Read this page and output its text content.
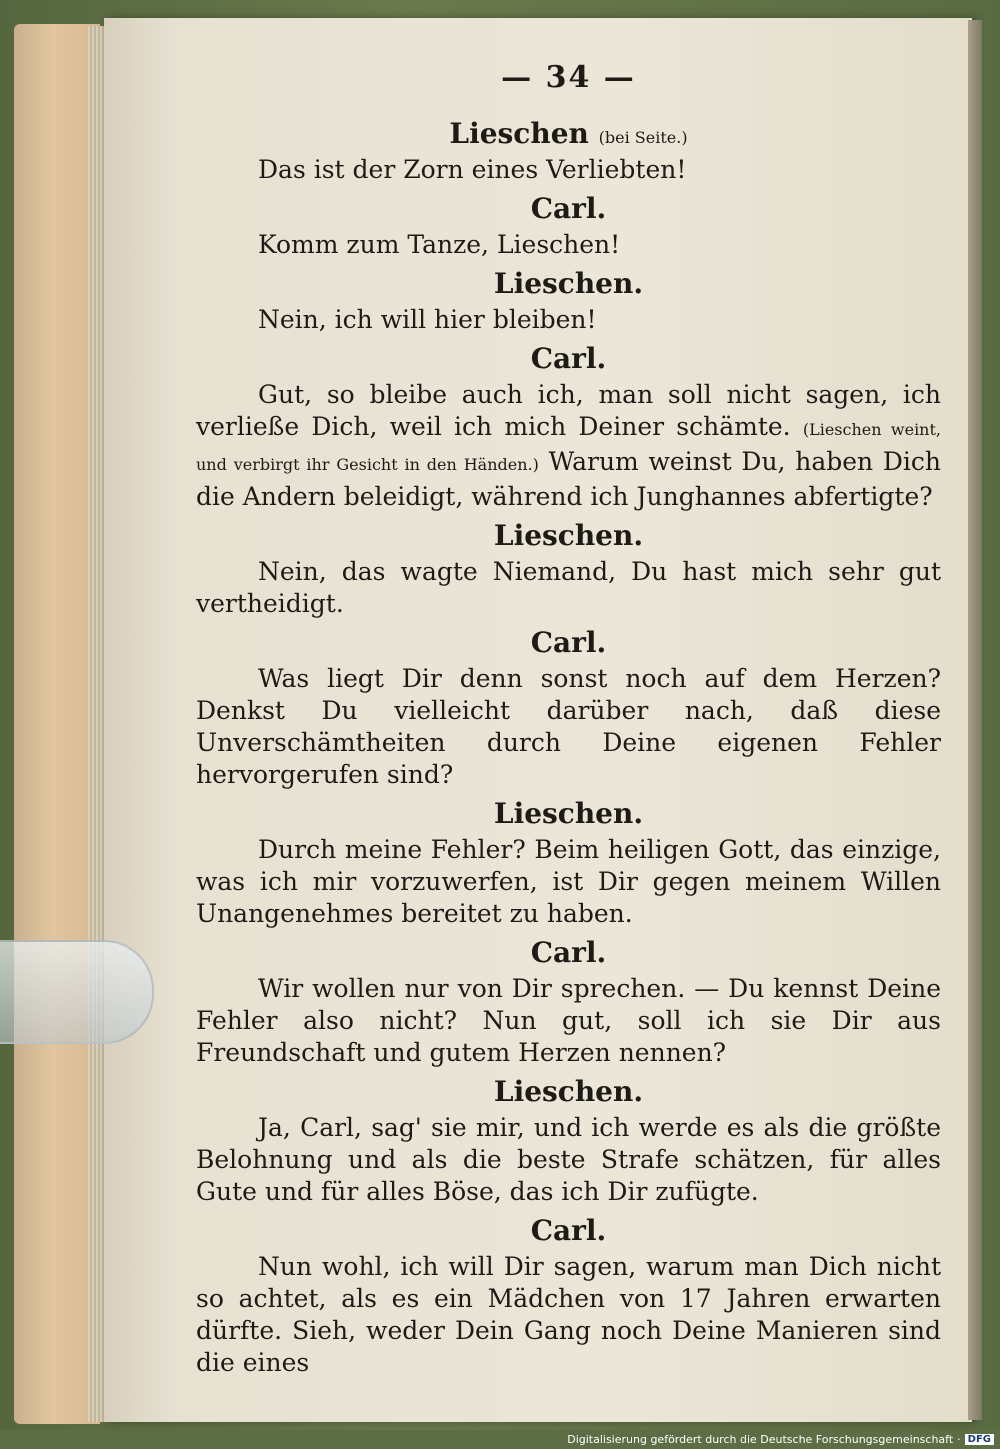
— 34 —
Lieschen (bei Seite.)

Das ist der Zorn eines Verliebten!

Carl.

Komm zum Tanze, Lieschen!

Lieschen.

Nein, ich will hier bleiben!

Carl.

Gut, so bleibe auch ich, man soll nicht sagen, ich verließe Dich, weil ich mich Deiner schämte. (Lieschen weint, und verbirgt ihr Gesicht in den Händen.) Warum weinst Du, haben Dich die Andern beleidigt, während ich Junghannes abfertigte?

Lieschen.

Nein, das wagte Niemand, Du hast mich sehr gut vertheidigt.

Carl.

Was liegt Dir denn sonst noch auf dem Herzen? Denkst Du vielleicht darüber nach, daß diese Unverschämtheiten durch Deine eigenen Fehler hervorgerufen sind?

Lieschen.

Durch meine Fehler? Beim heiligen Gott, das einzige, was ich mir vorzuwerfen, ist Dir gegen meinem Willen Unangenehmes bereitet zu haben.

Carl.

Wir wollen nur von Dir sprechen. — Du kennst Deine Fehler also nicht? Nun gut, soll ich sie Dir aus Freundschaft und gutem Herzen nennen?

Lieschen.

Ja, Carl, sag' sie mir, und ich werde es als die größte Belohnung und als die beste Strafe schätzen, für alles Gute und für alles Böse, das ich Dir zufügte.

Carl.

Nun wohl, ich will Dir sagen, warum man Dich nicht so achtet, als es ein Mädchen von 17 Jahren erwarten dürfte. Sieh, weder Dein Gang noch Deine Manieren sind die eines

Digitalisierung gefördert durch die Deutsche Forschungsgemeinschaft · DFG
